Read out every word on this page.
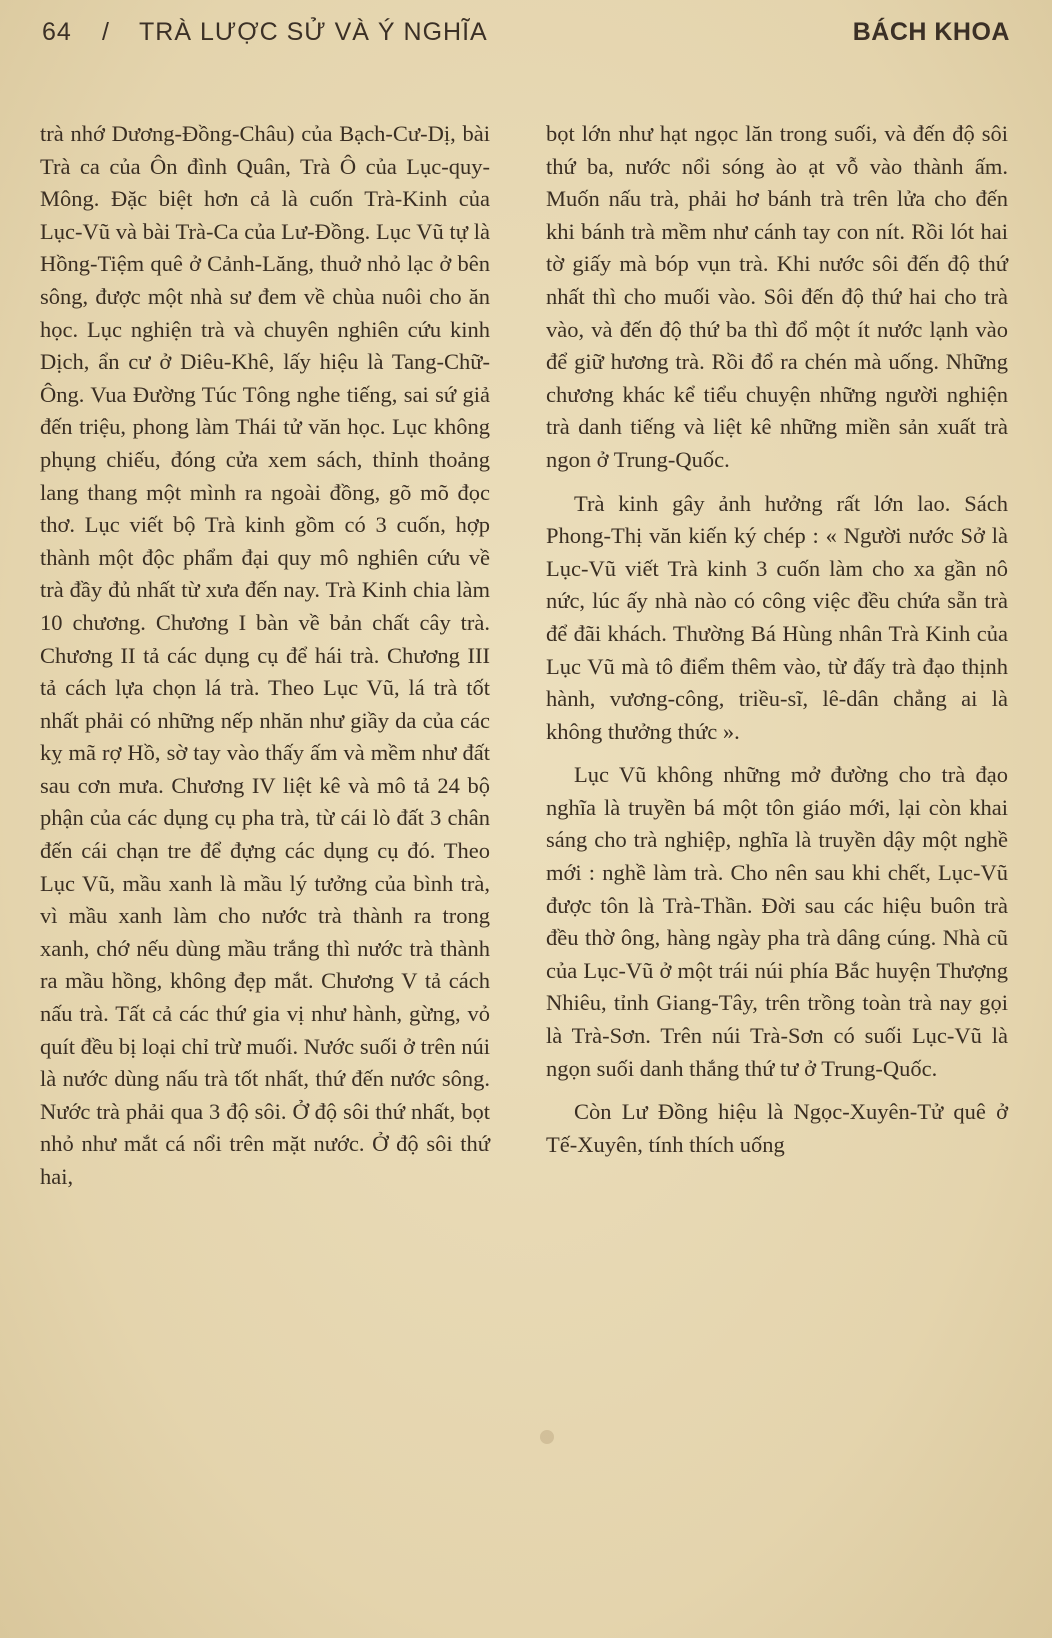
64 / TRÀ LƯỢC SỬ VÀ Ý NGHĨA	BÁCH KHOA

trà nhớ Dương-Đồng-Châu) của Bạch-Cư-Dị, bài Trà ca của Ôn đình Quân, Trà Ô của Lục-quy-Mông. Đặc biệt hơn cả là cuốn Trà-Kinh của Lục-Vũ và bài Trà-Ca của Lư-Đồng. Lục Vũ tự là Hồng-Tiệm quê ở Cảnh-Lăng, thuở nhỏ lạc ở bên sông, được một nhà sư đem về chùa nuôi cho ăn học. Lục nghiện trà và chuyên nghiên cứu kinh Dịch, ẩn cư ở Diêu-Khê, lấy hiệu là Tang-Chữ-Ông. Vua Đường Túc Tông nghe tiếng, sai sứ giả đến triệu, phong làm Thái tử văn học. Lục không phụng chiếu, đóng cửa xem sách, thỉnh thoảng lang thang một mình ra ngoài đồng, gõ mõ đọc thơ. Lục viết bộ Trà kinh gồm có 3 cuốn, hợp thành một độc phẩm đại quy mô nghiên cứu về trà đầy đủ nhất từ xưa đến nay. Trà Kinh chia làm 10 chương. Chương I bàn về bản chất cây trà. Chương II tả các dụng cụ để hái trà. Chương III tả cách lựa chọn lá trà. Theo Lục Vũ, lá trà tốt nhất phải có những nếp nhăn như giầy da của các kỵ mã rợ Hồ, sờ tay vào thấy ấm và mềm như đất sau cơn mưa. Chương IV liệt kê và mô tả 24 bộ phận của các dụng cụ pha trà, từ cái lò đất 3 chân đến cái chạn tre để đựng các dụng cụ đó. Theo Lục Vũ, mầu xanh là mầu lý tưởng của bình trà, vì mầu xanh làm cho nước trà thành ra trong xanh, chớ nếu dùng mầu trắng thì nước trà thành ra mầu hồng, không đẹp mắt. Chương V tả cách nấu trà. Tất cả các thứ gia vị như hành, gừng, vỏ quít đều bị loại chỉ trừ muối. Nước suối ở trên núi là nước dùng nấu trà tốt nhất, thứ đến nước sông. Nước trà phải qua 3 độ sôi. Ở độ sôi thứ nhất, bọt nhỏ như mắt cá nổi trên mặt nước. Ở độ sôi thứ hai,

bọt lớn như hạt ngọc lăn trong suối, và đến độ sôi thứ ba, nước nổi sóng ào ạt vỗ vào thành ấm. Muốn nấu trà, phải hơ bánh trà trên lửa cho đến khi bánh trà mềm như cánh tay con nít. Rồi lót hai tờ giấy mà bóp vụn trà. Khi nước sôi đến độ thứ nhất thì cho muối vào. Sôi đến độ thứ hai cho trà vào, và đến độ thứ ba thì đổ một ít nước lạnh vào để giữ hương trà. Rồi đổ ra chén mà uống. Những chương khác kể tiểu chuyện những người nghiện trà danh tiếng và liệt kê những miền sản xuất trà ngon ở Trung-Quốc.

Trà kinh gây ảnh hưởng rất lớn lao. Sách Phong-Thị văn kiến ký chép : « Người nước Sở là Lục-Vũ viết Trà kinh 3 cuốn làm cho xa gần nô nức, lúc ấy nhà nào có công việc đều chứa sẵn trà để đãi khách. Thường Bá Hùng nhân Trà Kinh của Lục Vũ mà tô điểm thêm vào, từ đấy trà đạo thịnh hành, vương-công, triều-sĩ, lê-dân chẳng ai là không thưởng thức ».

Lục Vũ không những mở đường cho trà đạo nghĩa là truyền bá một tôn giáo mới, lại còn khai sáng cho trà nghiệp, nghĩa là truyền dậy một nghề mới : nghề làm trà. Cho nên sau khi chết, Lục-Vũ được tôn là Trà-Thần. Đời sau các hiệu buôn trà đều thờ ông, hàng ngày pha trà dâng cúng. Nhà cũ của Lục-Vũ ở một trái núi phía Bắc huyện Thượng Nhiêu, tỉnh Giang-Tây, trên trồng toàn trà nay gọi là Trà-Sơn. Trên núi Trà-Sơn có suối Lục-Vũ là ngọn suối danh thắng thứ tư ở Trung-Quốc.

Còn Lư Đồng hiệu là Ngọc-Xuyên-Tử quê ở Tế-Xuyên, tính thích uống
